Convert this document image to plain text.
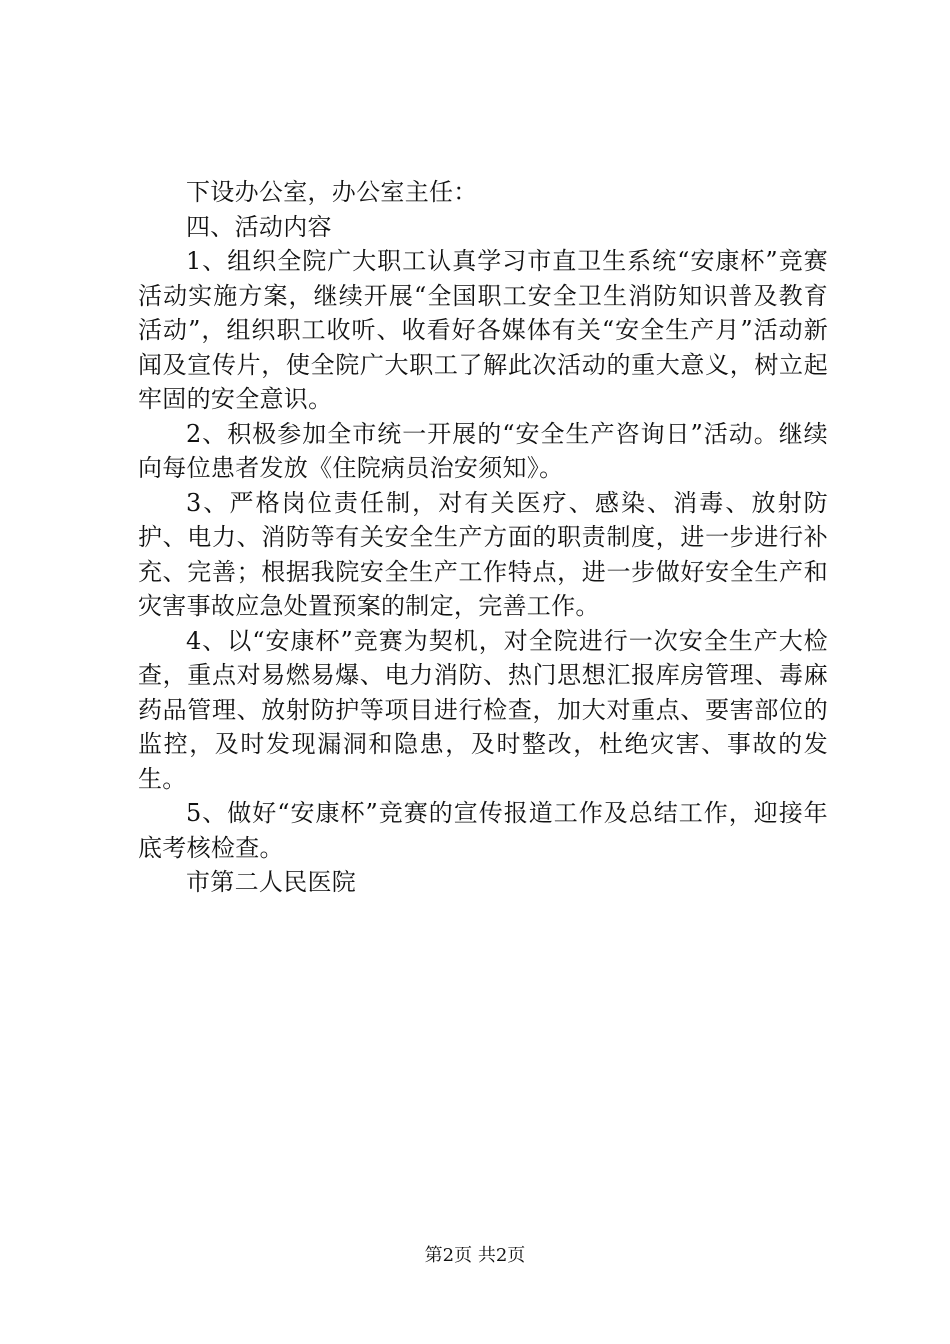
下设办公室，办公室主任：

四、活动内容

1、组织全院广大职工认真学习市直卫生系统“安康杯”竞赛活动实施方案，继续开展“全国职工安全卫生消防知识普及教育活动”，组织职工收听、收看好各媒体有关“安全生产月”活动新闻及宣传片，使全院广大职工了解此次活动的重大意义，树立起牢固的安全意识。

2、积极参加全市统一开展的“安全生产咨询日”活动。继续向每位患者发放《住院病员治安须知》。

3、严格岗位责任制，对有关医疗、感染、消毒、放射防护、电力、消防等有关安全生产方面的职责制度，进一步进行补充、完善；根据我院安全生产工作特点，进一步做好安全生产和灾害事故应急处置预案的制定，完善工作。

4、以“安康杯”竞赛为契机，对全院进行一次安全生产大检查，重点对易燃易爆、电力消防、热门思想汇报库房管理、毒麻药品管理、放射防护等项目进行检查，加大对重点、要害部位的监控，及时发现漏洞和隐患，及时整改，杜绝灾害、事故的发生。

5、做好“安康杯”竞赛的宣传报道工作及总结工作，迎接年底考核检查。

市第二人民医院

第2页 共2页
